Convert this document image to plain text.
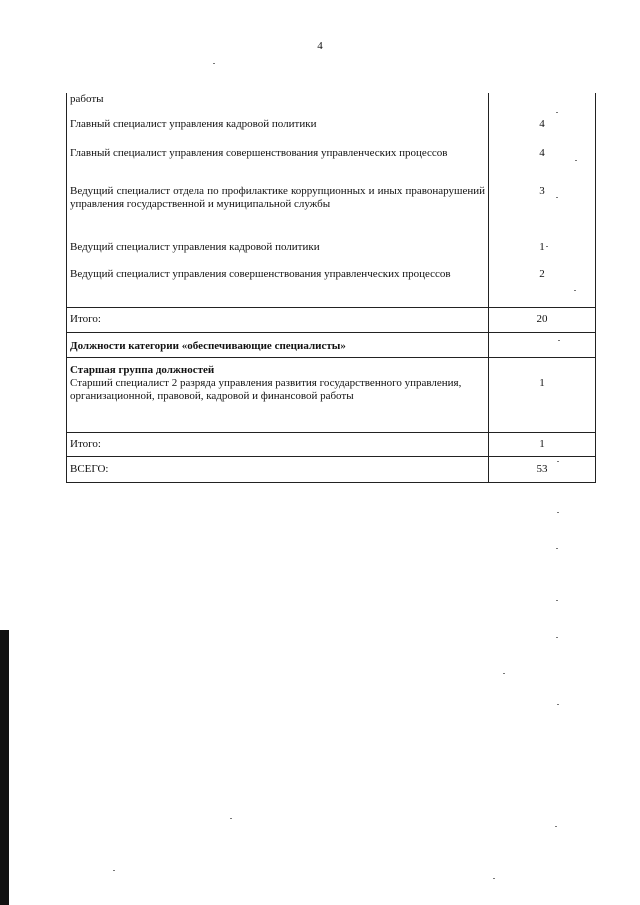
4
работы	
Главный специалист управления кадровой политики	4
Главный специалист управления совершенствования управленческих процессов	4
Ведущий специалист отдела по профилактике коррупционных и иных правонарушений управления государственной и муниципальной службы	3
Ведущий специалист управления кадровой политики	1
Ведущий специалист управления совершенствования управленческих процессов	2
Итого:	20
Должности категории «обеспечивающие специалисты»	
Старшая группа должностей	
Старший специалист 2 разряда управления развития государственного управления, организационной, правовой, кадровой и финансовой работы	1
Итого:	1
ВСЕГО:	53
